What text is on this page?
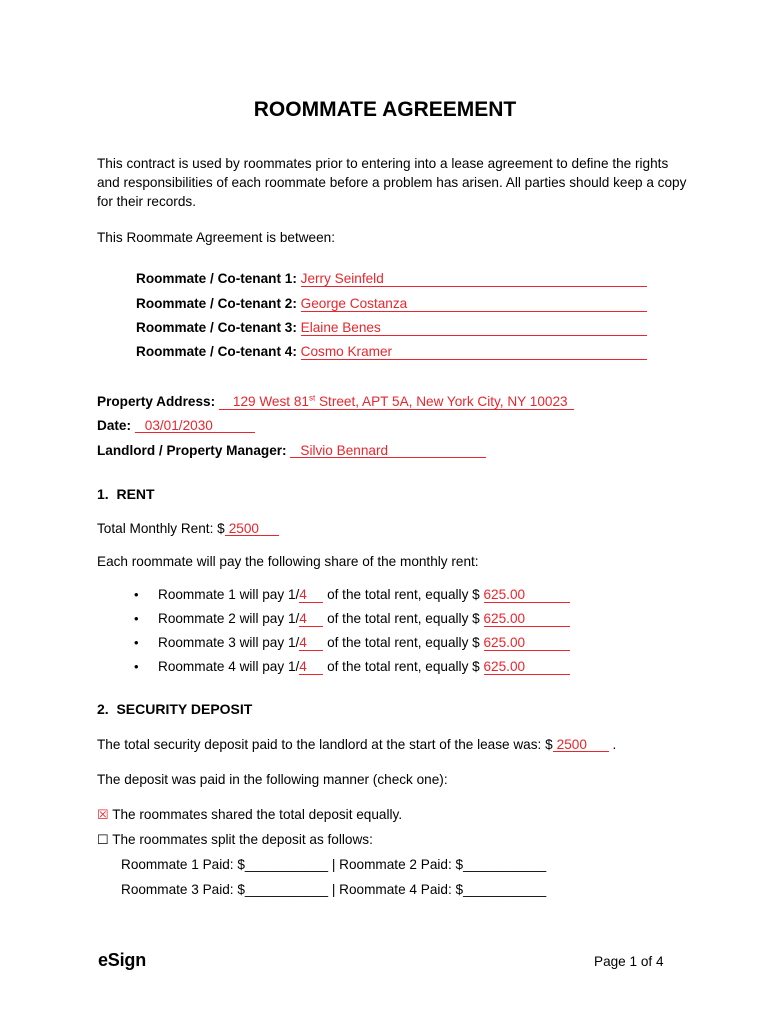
ROOMMATE AGREEMENT
This contract is used by roommates prior to entering into a lease agreement to define the rights and responsibilities of each roommate before a problem has arisen. All parties should keep a copy for their records.
This Roommate Agreement is between:
Roommate / Co-tenant 1: Jerry Seinfeld
Roommate / Co-tenant 2: George Costanza
Roommate / Co-tenant 3: Elaine Benes
Roommate / Co-tenant 4: Cosmo Kramer
Property Address: 129 West 81st Street, APT 5A, New York City, NY 10023
Date: 03/01/2030
Landlord / Property Manager: Silvio Bennard
1.  RENT
Total Monthly Rent: $ 2500
Each roommate will pay the following share of the monthly rent:
• Roommate 1 will pay 1/4 of the total rent, equally $ 625.00
• Roommate 2 will pay 1/4 of the total rent, equally $ 625.00
• Roommate 3 will pay 1/4 of the total rent, equally $ 625.00
• Roommate 4 will pay 1/4 of the total rent, equally $ 625.00
2.  SECURITY DEPOSIT
The total security deposit paid to the landlord at the start of the lease was: $ 2500 .
The deposit was paid in the following manner (check one):
☒ The roommates shared the total deposit equally.
☐ The roommates split the deposit as follows:
Roommate 1 Paid: $___________ | Roommate 2 Paid: $___________
Roommate 3 Paid: $___________ | Roommate 4 Paid: $___________
eSign	Page 1 of 4
